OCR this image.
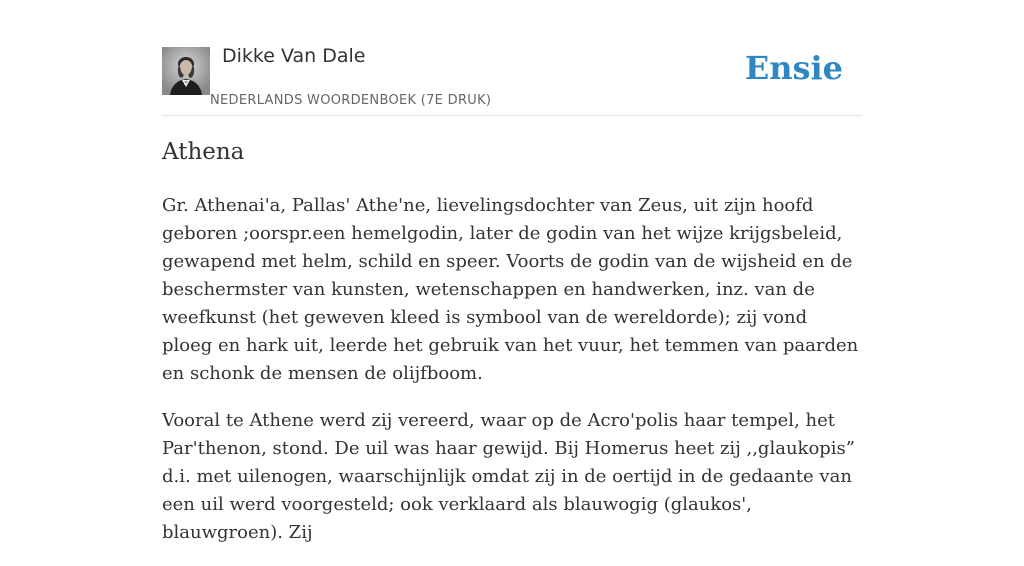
Dikke Van Dale
NEDERLANDS WOORDENBOEK (7E DRUK)
Ensie
Athena

Gr. Athenai'a, Pallas' Athe'ne, lievelingsdochter van Zeus, uit zijn hoofd geboren ;oorspr.een hemelgodin, later de godin van het wijze krijgsbeleid, gewapend met helm, schild en speer. Voorts de godin van de wijsheid en de beschermster van kunsten, wetenschappen en handwerken, inz. van de weefkunst (het geweven kleed is symbool van de wereldorde); zij vond ploeg en hark uit, leerde het gebruik van het vuur, het temmen van paarden en schonk de mensen de olijfboom.

Vooral te Athene werd zij vereerd, waar op de Acro'polis haar tempel, het Par'thenon, stond. De uil was haar gewijd. Bij Homerus heet zij ,,glaukopis” d.i. met uilenogen, waarschijnlijk omdat zij in de oertijd in de gedaante van een uil werd voorgesteld; ook verklaard als blauwogig (glaukos', blauwgroen). Zij
